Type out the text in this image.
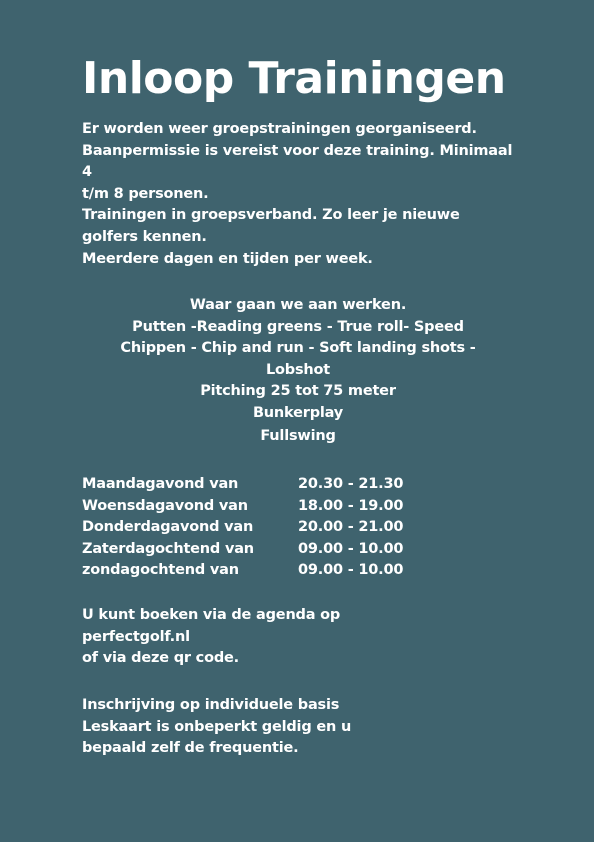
Inloop Trainingen

Er worden weer groepstrainingen georganiseerd.

Baanpermissie is vereist voor deze training. Minimaal 4

t/m 8 personen.

Trainingen in groepsverband. Zo leer je nieuwe

golfers kennen.

Meerdere dagen en tijden per week.

Waar gaan we aan werken.

Putten -Reading greens - True roll- Speed

Chippen - Chip and run - Soft landing shots -

Lobshot

Pitching 25 tot 75 meter

Bunkerplay

Fullswing

Maandagavond van	20.30 - 21.30
Woensdagavond van	18.00 - 19.00
Donderdagavond van	20.00 - 21.00
Zaterdagochtend van	09.00 - 10.00
zondagochtend van	09.00 - 10.00

U kunt boeken via de agenda op

perfectgolf.nl

of via deze qr code.

Inschrijving op individuele basis

Leskaart is onbeperkt geldig en u

bepaald zelf de frequentie.
